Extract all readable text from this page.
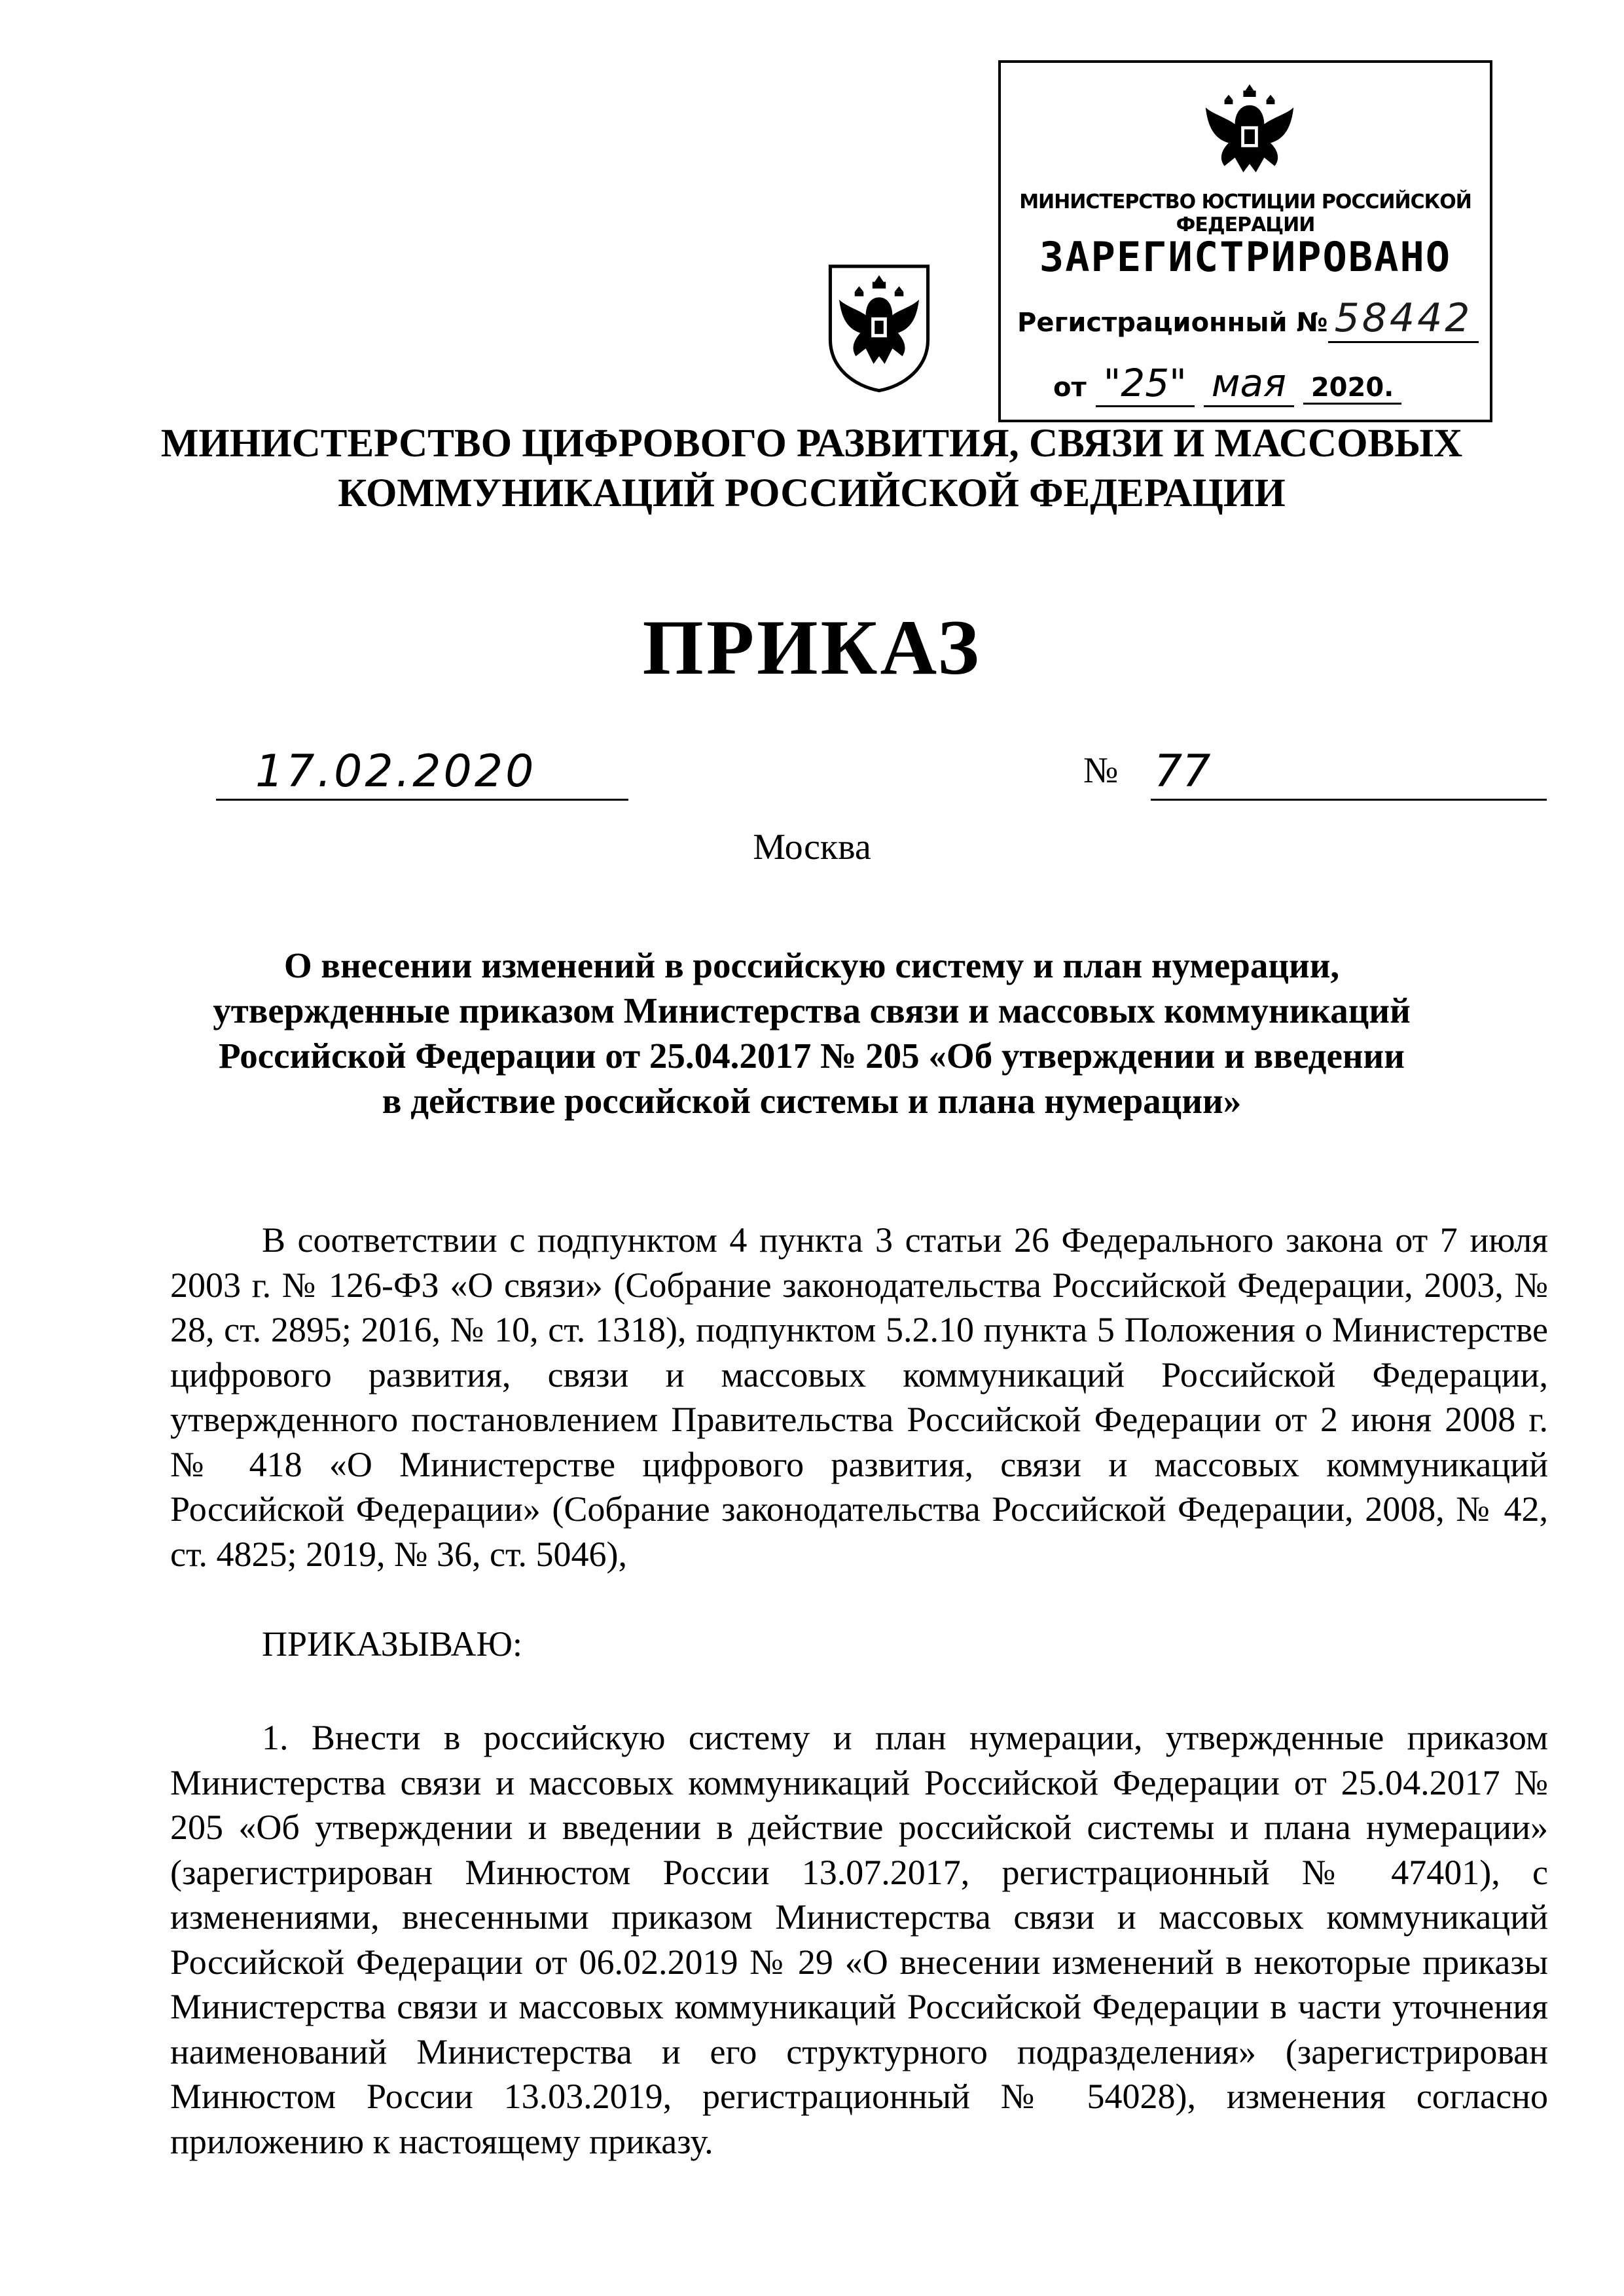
МИНИСТЕРСТВО ЮСТИЦИИ РОССИЙСКОЙ ФЕДЕРАЦИИ
ЗАРЕГИСТРИРОВАНО
Регистрационный № 58442
от "25" мая 2020.
МИНИСТЕРСТВО ЦИФРОВОГО РАЗВИТИЯ, СВЯЗИ И МАССОВЫХ
КОММУНИКАЦИЙ РОССИЙСКОЙ ФЕДЕРАЦИИ
ПРИКАЗ
17.02.2020	№ 77
Москва
О внесении изменений в российскую систему и план нумерации,
утвержденные приказом Министерства связи и массовых коммуникаций
Российской Федерации от 25.04.2017 № 205 «Об утверждении и введении
в действие российской системы и плана нумерации»
В соответствии с подпунктом 4 пункта 3 статьи 26 Федерального закона от 7 июля 2003 г. № 126-ФЗ «О связи» (Собрание законодательства Российской Федерации, 2003, № 28, ст. 2895; 2016, № 10, ст. 1318), подпунктом 5.2.10 пункта 5 Положения о Министерстве цифрового развития, связи и массовых коммуникаций Российской Федерации, утвержденного постановлением Правительства Российской Федерации от 2 июня 2008 г. № 418 «О Министерстве цифрового развития, связи и массовых коммуникаций Российской Федерации» (Собрание законодательства Российской Федерации, 2008, № 42, ст. 4825; 2019, № 36, ст. 5046),
ПРИКАЗЫВАЮ:
1. Внести в российскую систему и план нумерации, утвержденные приказом Министерства связи и массовых коммуникаций Российской Федерации от 25.04.2017 № 205 «Об утверждении и введении в действие российской системы и плана нумерации» (зарегистрирован Минюстом России 13.07.2017, регистрационный № 47401), с изменениями, внесенными приказом Министерства связи и массовых коммуникаций Российской Федерации от 06.02.2019 № 29 «О внесении изменений в некоторые приказы Министерства связи и массовых коммуникаций Российской Федерации в части уточнения наименований Министерства и его структурного подразделения» (зарегистрирован Минюстом России 13.03.2019, регистрационный № 54028), изменения согласно приложению к настоящему приказу.
